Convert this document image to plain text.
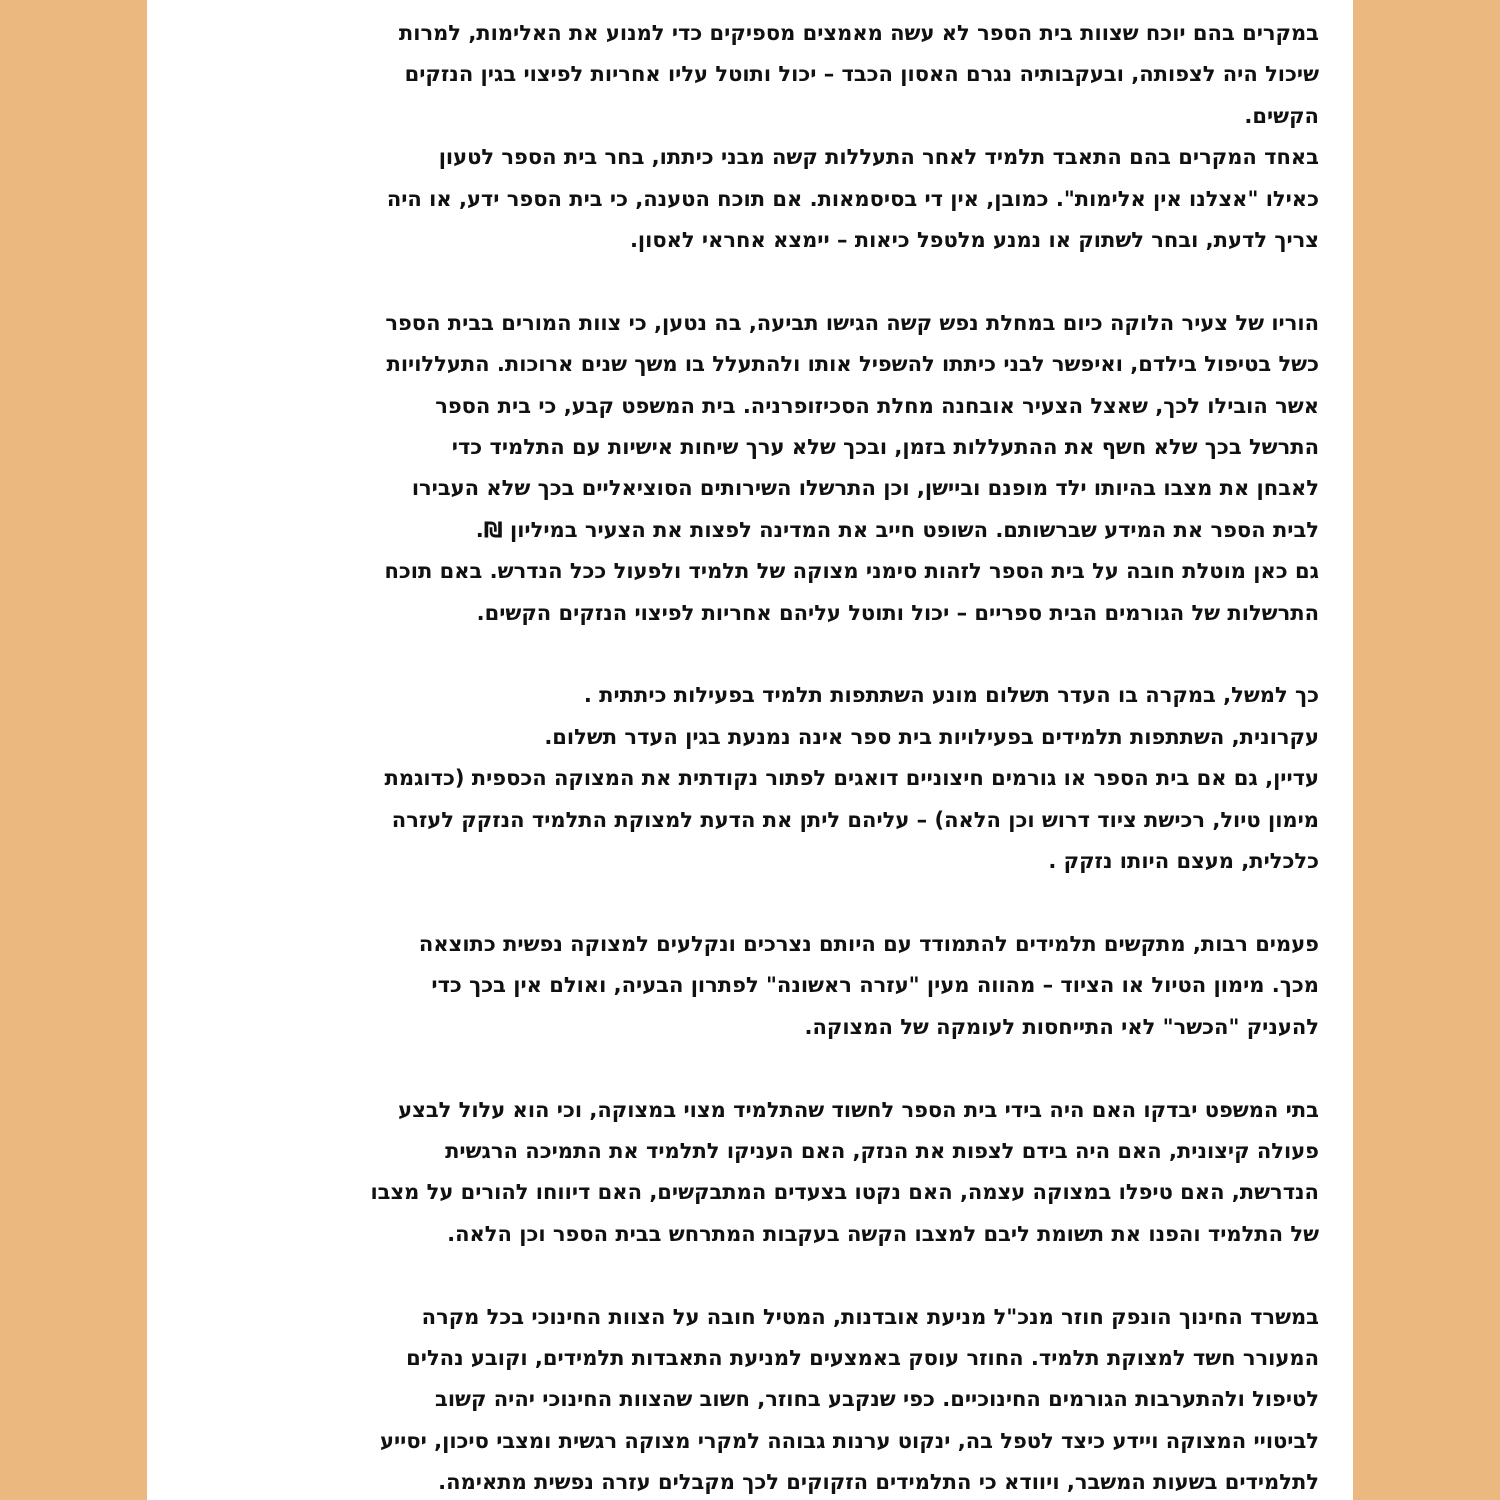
במקרים בהם יוכח שצוות בית הספר לא עשה מאמצים מספיקים כדי למנוע את האלימות, למרות
שיכול היה לצפותה, ובעקבותיה נגרם האסון הכבד – יכול ותוטל עליו אחריות לפיצוי בגין הנזקים
הקשים.
באחד המקרים בהם התאבד תלמיד לאחר התעללות קשה מבני כיתתו, בחר בית הספר לטעון
כאילו "אצלנו אין אלימות". כמובן, אין די בסיסמאות. אם תוכח הטענה, כי בית הספר ידע, או היה
צריך לדעת, ובחר לשתוק או נמנע מלטפל כיאות – יימצא אחראי לאסון.
הוריו של צעיר הלוקה כיום במחלת נפש קשה הגישו תביעה, בה נטען, כי צוות המורים בבית הספר
כשל בטיפול בילדם, ואיפשר לבני כיתתו להשפיל אותו ולהתעלל בו משך שנים ארוכות. התעללויות
אשר הובילו לכך, שאצל הצעיר אובחנה מחלת הסכיזופרניה. בית המשפט קבע, כי בית הספר
התרשל בכך שלא חשף את ההתעללות בזמן, ובכך שלא ערך שיחות אישיות עם התלמיד כדי
לאבחן את מצבו בהיותו ילד מופנם וביישן, וכן התרשלו השירותים הסוציאליים בכך שלא העבירו
לבית הספר את המידע שברשותם. השופט חייב את המדינה לפצות את הצעיר במיליון ₪.
גם כאן מוטלת חובה על בית הספר לזהות סימני מצוקה של תלמיד ולפעול ככל הנדרש. באם תוכח
התרשלות של הגורמים הבית ספריים – יכול ותוטל עליהם אחריות לפיצוי הנזקים הקשים.
כך למשל, במקרה בו העדר תשלום מונע השתתפות תלמיד בפעילות כיתתית .
עקרונית, השתתפות תלמידים בפעילויות בית ספר אינה נמנעת בגין העדר תשלום.
עדיין, גם אם בית הספר או גורמים חיצוניים דואגים לפתור נקודתית את המצוקה הכספית (כדוגמת
מימון טיול, רכישת ציוד דרוש וכן הלאה) – עליהם ליתן את הדעת למצוקת התלמיד הנזקק לעזרה
כלכלית, מעצם היותו נזקק .
פעמים רבות, מתקשים תלמידים להתמודד עם היותם נצרכים ונקלעים למצוקה נפשית כתוצאה
מכך. מימון הטיול או הציוד – מהווה מעין "עזרה ראשונה" לפתרון הבעיה, ואולם אין בכך כדי
להעניק "הכשר" לאי התייחסות לעומקה של המצוקה.
בתי המשפט יבדקו האם היה בידי בית הספר לחשוד שהתלמיד מצוי במצוקה, וכי הוא עלול לבצע
פעולה קיצונית, האם היה בידם לצפות את הנזק, האם העניקו לתלמיד את התמיכה הרגשית
הנדרשת, האם טיפלו במצוקה עצמה, האם נקטו בצעדים המתבקשים, האם דיווחו להורים על מצבו
של התלמיד והפנו את תשומת ליבם למצבו הקשה בעקבות המתרחש בבית הספר וכן הלאה.
במשרד החינוך הונפק חוזר מנכ"ל מניעת אובדנות, המטיל חובה על הצוות החינוכי בכל מקרה
המעורר חשד למצוקת תלמיד. החוזר עוסק באמצעים למניעת התאבדות תלמידים, וקובע נהלים
לטיפול ולהתערבות הגורמים החינוכיים. כפי שנקבע בחוזר, חשוב שהצוות החינוכי יהיה קשוב
לביטויי המצוקה ויידע כיצד לטפל בה, ינקוט ערנות גבוהה למקרי מצוקה רגשית ומצבי סיכון, יסייע
לתלמידים בשעות המשבר, ויוודא כי התלמידים הזקוקים לכך מקבלים עזרה נפשית מתאימה.
